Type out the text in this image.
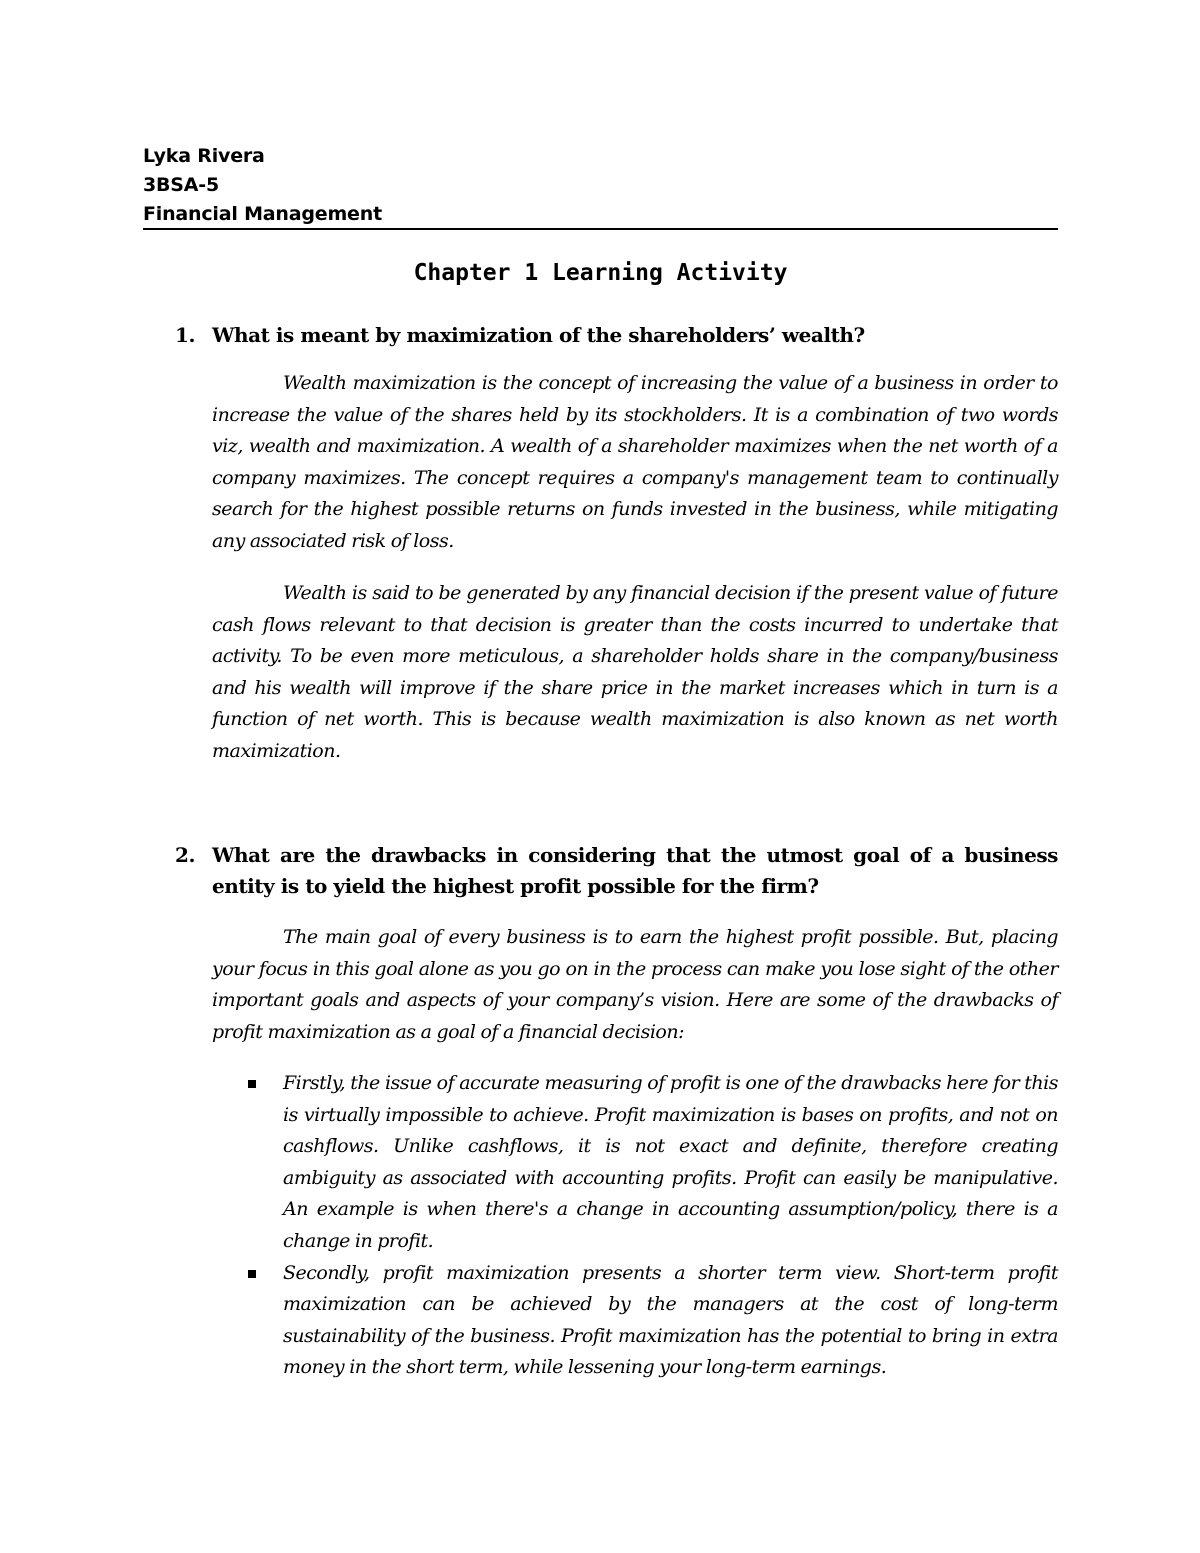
Lyka Rivera
3BSA-5
Financial Management
Chapter 1 Learning Activity
1. What is meant by maximization of the shareholders’ wealth?

Wealth maximization is the concept of increasing the value of a business in order to increase the value of the shares held by its stockholders. It is a combination of two words viz, wealth and maximization. A wealth of a shareholder maximizes when the net worth of a company maximizes. The concept requires a company's management team to continually search for the highest possible returns on funds invested in the business, while mitigating any associated risk of loss.

Wealth is said to be generated by any financial decision if the present value of future cash flows relevant to that decision is greater than the costs incurred to undertake that activity. To be even more meticulous, a shareholder holds share in the company/business and his wealth will improve if the share price in the market increases which in turn is a function of net worth. This is because wealth maximization is also known as net worth maximization.

2. What are the drawbacks in considering that the utmost goal of a business entity is to yield the highest profit possible for the firm?

The main goal of every business is to earn the highest profit possible. But, placing your focus in this goal alone as you go on in the process can make you lose sight of the other important goals and aspects of your company’s vision. Here are some of the drawbacks of profit maximization as a goal of a financial decision:

Firstly, the issue of accurate measuring of profit is one of the drawbacks here for this is virtually impossible to achieve. Profit maximization is bases on profits, and not on cashflows. Unlike cashflows, it is not exact and definite, therefore creating ambiguity as associated with accounting profits. Profit can easily be manipulative. An example is when there's a change in accounting assumption/policy, there is a change in profit.
Secondly, profit maximization presents a shorter term view. Short-term profit maximization can be achieved by the managers at the cost of long-term sustainability of the business. Profit maximization has the potential to bring in extra money in the short term, while lessening your long-term earnings.
